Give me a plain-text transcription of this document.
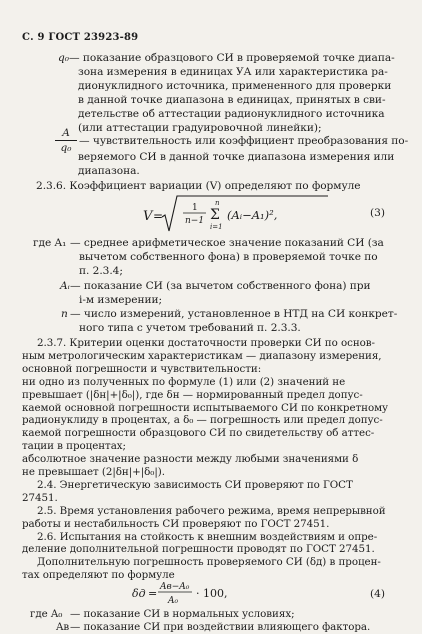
С. 9 ГОСТ 23923-89
q₀ — показание образцового СИ в проверяемой точке диапа-
зона измерения в единицах УА или характеристика ра-
дионуклидного источника, примененного для проверки
в данной точке диапазона в единицах, принятых в сви-
детельстве об аттестации радионуклидного источника
(или аттестации градуировочной линейки);
A
q₀
— чувствительность или коэффициент преобразования по-
веряемого СИ в данной точке диапазона измерения или
диапазона.
2.3.6. Коэффициент вариации (V) определяют по формуле
V =
1
n−1
n
Σ
i=1
(Aᵢ−A₁)²,	(3)
где A₁ — среднее арифметическое значение показаний СИ (за
вычетом собственного фона) в проверяемой точке по
п. 2.3.4;
Aᵢ — показание СИ (за вычетом собственного фона) при
i-м измерении;
n — число измерений, установленное в НТД на СИ конкрет-
ного типа с учетом требований п. 2.3.3.
2.3.7. Критерии оценки достаточности проверки СИ по основ-
ным метрологическим характеристикам — диапазону измерения,
основной погрешности и чувствительности:
ни одно из полученных по формуле (1) или (2) значений не
превышает (|δн|+|δ₀|), где δн — нормированный предел допус-
каемой основной погрешности испытываемого СИ по конкретному
радионуклиду в процентах, а δ₀ — погрешность или предел допус-
каемой погрешности образцового СИ по свидетельству об аттес-
тации в процентах;
абсолютное значение разности между любыми значениями δ
не превышает (2|δн|+|δ₀|).
2.4. Энергетическую зависимость СИ проверяют по ГОСТ
27451.
2.5. Время установления рабочего режима, время непрерывной
работы и нестабильность СИ проверяют по ГОСТ 27451.
2.6. Испытания на стойкость к внешним воздействиям и опре-
деление дополнительной погрешности проводят по ГОСТ 27451.
Дополнительную погрешность проверяемого СИ (δд) в процен-
тах определяют по формуле
δд = Aв−A₀
A₀
· 100,	(4)
где A₀ — показание СИ в нормальных условиях;
Aв — показание СИ при воздействии влияющего фактора.
